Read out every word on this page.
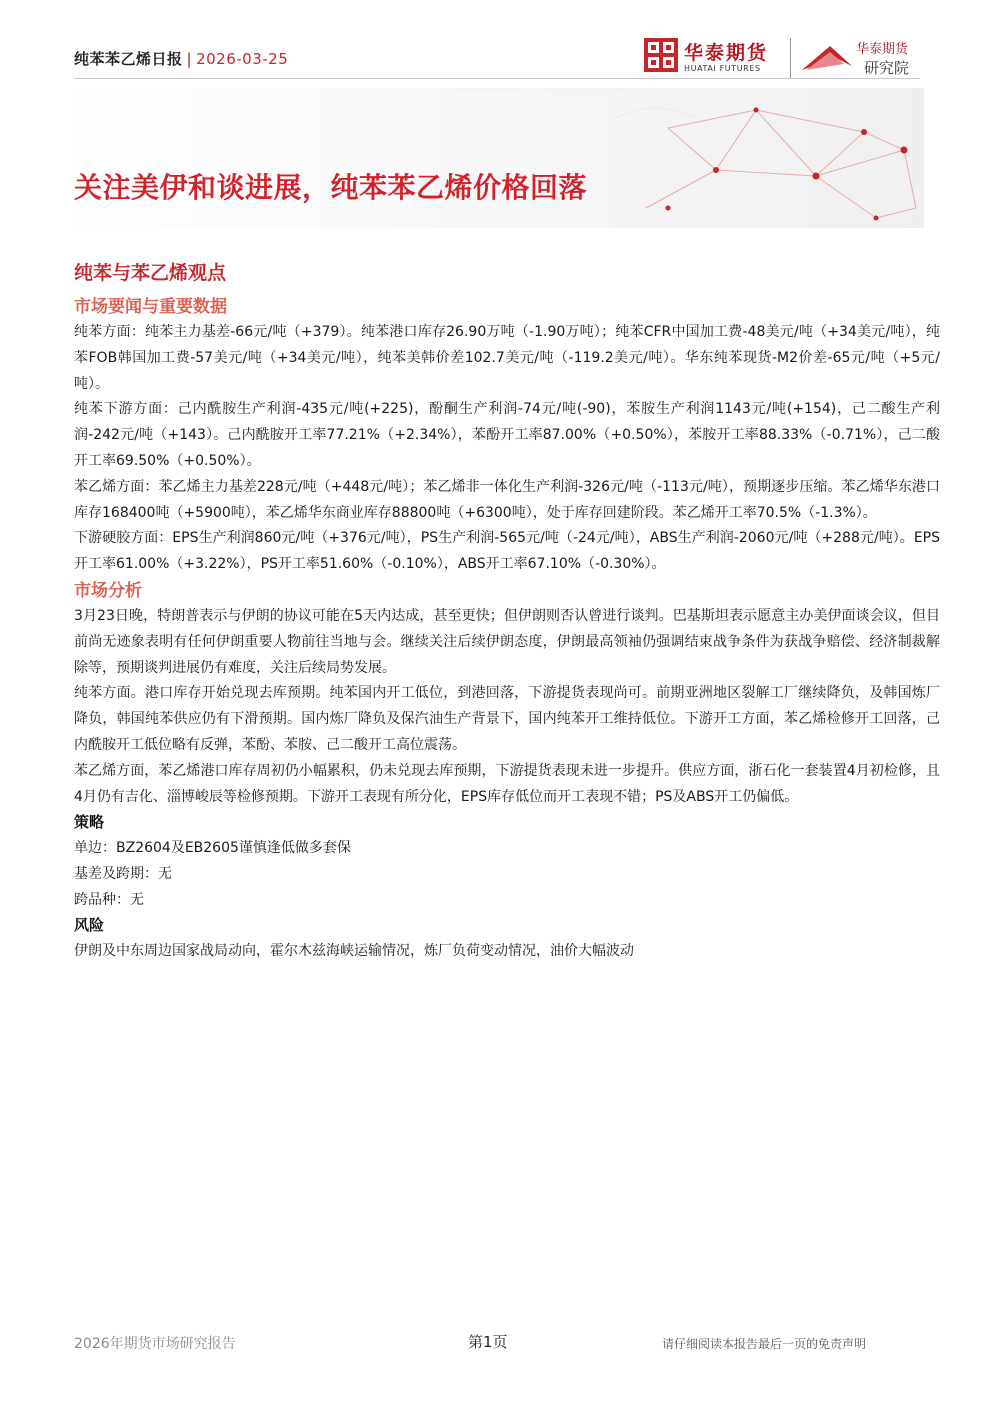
纯苯苯乙烯日报 | 2026-03-25	华泰期货
HUATAI FUTURES
华泰期货
研究院
关注美伊和谈进展，纯苯苯乙烯价格回落
纯苯与苯乙烯观点
市场要闻与重要数据
纯苯方面：纯苯主力基差-66元/吨（+379）。纯苯港口库存26.90万吨（-1.90万吨）；纯苯CFR中国加工费-48美元/吨（+34美元/吨），纯苯FOB韩国加工费-57美元/吨（+34美元/吨），纯苯美韩价差102.7美元/吨（-119.2美元/吨）。华东纯苯现货-M2价差-65元/吨（+5元/吨）。
纯苯下游方面：己内酰胺生产利润-435元/吨(+225)，酚酮生产利润-74元/吨(-90)，苯胺生产利润1143元/吨(+154)，己二酸生产利润-242元/吨（+143）。己内酰胺开工率77.21%（+2.34%），苯酚开工率87.00%（+0.50%），苯胺开工率88.33%（-0.71%），己二酸开工率69.50%（+0.50%）。
苯乙烯方面：苯乙烯主力基差228元/吨（+448元/吨）；苯乙烯非一体化生产利润-326元/吨（-113元/吨），预期逐步压缩。苯乙烯华东港口库存168400吨（+5900吨），苯乙烯华东商业库存88800吨（+6300吨），处于库存回建阶段。苯乙烯开工率70.5%（-1.3%）。
下游硬胶方面：EPS生产利润860元/吨（+376元/吨），PS生产利润-565元/吨（-24元/吨），ABS生产利润-2060元/吨（+288元/吨）。EPS开工率61.00%（+3.22%），PS开工率51.60%（-0.10%），ABS开工率67.10%（-0.30%）。
市场分析
3月23日晚，特朗普表示与伊朗的协议可能在5天内达成，甚至更快；但伊朗则否认曾进行谈判。巴基斯坦表示愿意主办美伊面谈会议，但目前尚无迹象表明有任何伊朗重要人物前往当地与会。继续关注后续伊朗态度，伊朗最高领袖仍强调结束战争条件为获战争赔偿、经济制裁解除等，预期谈判进展仍有难度，关注后续局势发展。
纯苯方面。港口库存开始兑现去库预期。纯苯国内开工低位，到港回落，下游提货表现尚可。前期亚洲地区裂解工厂继续降负，及韩国炼厂降负，韩国纯苯供应仍有下滑预期。国内炼厂降负及保汽油生产背景下，国内纯苯开工维持低位。下游开工方面，苯乙烯检修开工回落，己内酰胺开工低位略有反弹，苯酚、苯胺、己二酸开工高位震荡。
苯乙烯方面，苯乙烯港口库存周初仍小幅累积，仍未兑现去库预期，下游提货表现未进一步提升。供应方面，浙石化一套装置4月初检修，且4月仍有吉化、淄博峻辰等检修预期。下游开工表现有所分化，EPS库存低位而开工表现不错；PS及ABS开工仍偏低。
策略
单边：BZ2604及EB2605谨慎逢低做多套保
基差及跨期：无
跨品种：无
风险
伊朗及中东周边国家战局动向，霍尔木兹海峡运输情况，炼厂负荷变动情况，油价大幅波动
2026年期货市场研究报告	第1页	请仔细阅读本报告最后一页的免责声明
